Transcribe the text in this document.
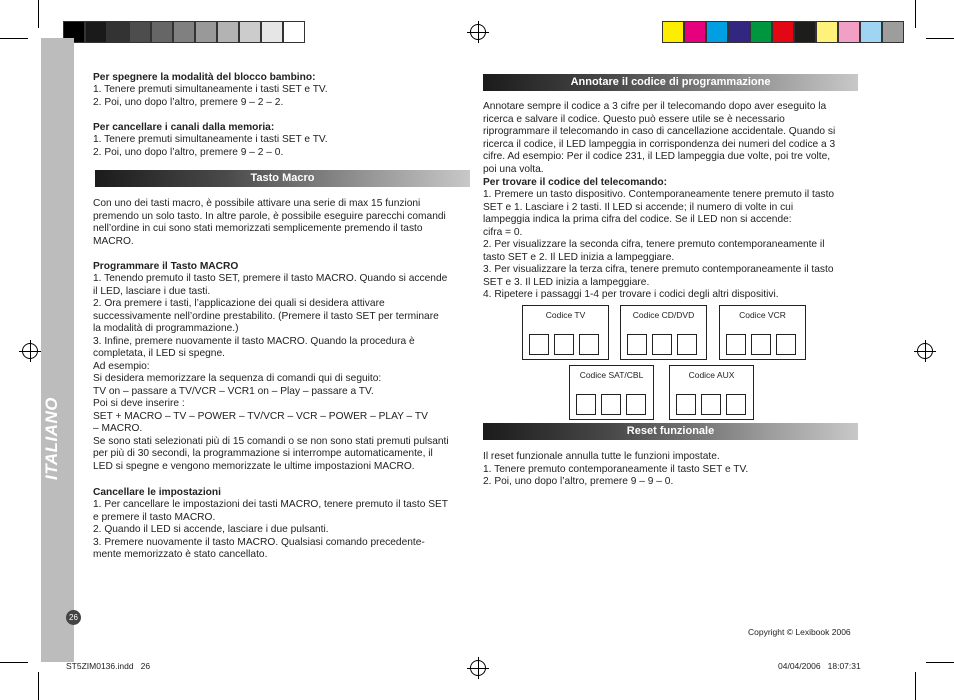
26
Per spegnere la modalità del blocco bambino:
1. Tenere premuti simultaneamente i tasti SET e TV.
2. Poi, uno dopo l’altro, premere 9 – 2 – 2.
Per cancellare i canali dalla memoria:
1. Tenere premuti simultaneamente i tasti SET e TV.
2. Poi, uno dopo l’altro, premere 9 – 2 – 0.
Tasto Macro
Con uno dei tasti macro, è possibile attivare una serie di max 15 funzioni
premendo un solo tasto. In altre parole, è possibile eseguire parecchi comandi
nell’ordine in cui sono stati memorizzati semplicemente premendo il tasto
MACRO.
Programmare il Tasto MACRO
1. Tenendo premuto il tasto SET, premere il tasto MACRO. Quando si accende
il LED, lasciare i due tasti.
2. Ora premere i tasti, l’applicazione dei quali si desidera attivare
successivamente nell’ordine prestabilito. (Premere il tasto SET per terminare
la modalità di programmazione.)
3. Infine, premere nuovamente il tasto MACRO. Quando la procedura è
completata, il LED si spegne.
Ad esempio:
Si desidera memorizzare la sequenza di comandi qui di seguito:
TV on – passare a TV/VCR – VCR1 on – Play – passare a TV.
Poi si deve inserire :
SET + MACRO – TV – POWER – TV/VCR – VCR – POWER – PLAY – TV
– MACRO.
Se sono stati selezionati più di 15 comandi o se non sono stati premuti pulsanti
per più di 30 secondi, la programmazione si interrompe automaticamente, il
LED si spegne e vengono memorizzate le ultime impostazioni MACRO.
Cancellare le impostazioni
1. Per cancellare le impostazioni dei tasti MACRO, tenere premuto il tasto SET
e premere il tasto MACRO.
2. Quando il LED si accende, lasciare i due pulsanti.
3. Premere nuovamente il tasto MACRO. Qualsiasi comando precedente-
mente memorizzato è stato cancellato.
Annotare il codice di programmazione
Annotare sempre il codice a 3 cifre per il telecomando dopo aver eseguito la
ricerca e salvare il codice. Questo può essere utile se è necessario
riprogrammare il telecomando in caso di cancellazione accidentale. Quando si
ricerca il codice, il LED lampeggia in corrispondenza dei numeri del codice a 3
cifre. Ad esempio: Per il codice 231, il LED lampeggia due volte, poi tre volte,
poi una volta.
Per trovare il codice del telecomando:
1. Premere un tasto dispositivo. Contemporaneamente tenere premuto il tasto
SET e 1. Lasciare i 2 tasti. Il LED si accende; il numero di volte in cui
lampeggia indica la prima cifra del codice. Se il LED non si accende:
cifra = 0.
2. Per visualizzare la seconda cifra, tenere premuto contemporaneamente il
tasto SET e 2. Il LED inizia a lampeggiare.
3. Per visualizzare la terza cifra, tenere premuto contemporaneamente il tasto
SET e 3. Il LED inizia a lampeggiare.
4. Ripetere i passaggi 1-4 per trovare i codici degli altri dispositivi.
Codice TV	Codice CD/DVD	Codice VCR
Codice SAT/CBL	Codice AUX
Reset funzionale
Il reset funzionale annulla tutte le funzioni impostate.
1. Tenere premuto contemporaneamente il tasto SET e TV.
2. Poi, uno dopo l’altro, premere 9 – 9 – 0.
Copyright © Lexibook 2006
ST5ZIM0136.indd   26	04/04/2006   18:07:31
